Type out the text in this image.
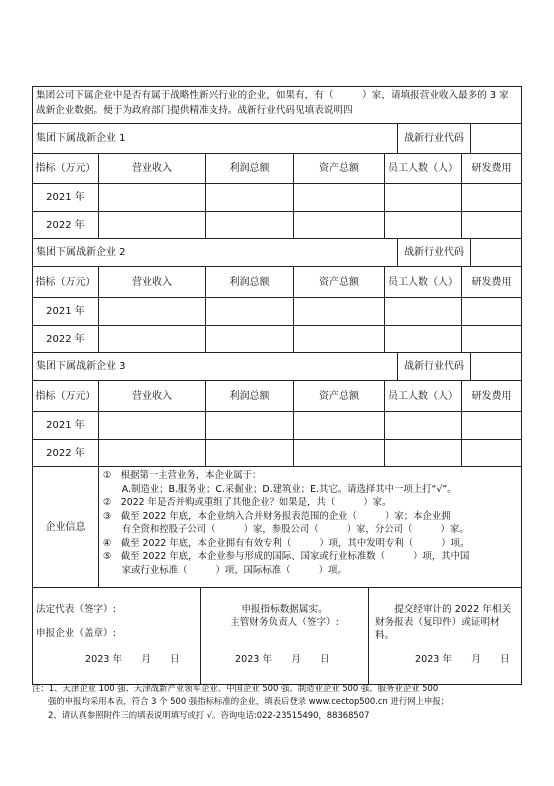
集团公司下属企业中是否有属于战略性新兴行业的企业，如果有，有（　　　）家，请填报营业收入最多的 3 家战新企业数据。便于为政府部门提供精准支持。战新行业代码见填表说明四
集团下属战新企业 1	战新行业代码
指标（万元）	营业收入	利润总额	资产总额	员工人数（人）	研发费用
2021 年
2022 年
集团下属战新企业 2	战新行业代码
指标（万元）	营业收入	利润总额	资产总额	员工人数（人）	研发费用
2021 年
2022 年
集团下属战新企业 3	战新行业代码
指标（万元）	营业收入	利润总额	资产总额	员工人数（人）	研发费用
2021 年
2022 年
企业信息
①　根据第一主营业务，本企业属于：
　　A.制造业；B.服务业；C.采掘业；D.建筑业；E.其它。请选择其中一项上打“√”。
②　2022 年是否并购或重组了其他企业？如果是，共（　　　）家。
③　截至 2022 年底，本企业纳入合并财务报表范围的企业（　　　）家；本企业拥
　　有全资和控股子公司（　　　）家，参股公司（　　　）家，分公司（　　　）家。
④　截至 2022 年底，本企业拥有有效专利（　　　）项，其中发明专利（　　　）项。
⑤　截至 2022 年底，本企业参与形成的国际、国家或行业标准数（　　　）项，其中国
　　家或行业标准（　　　）项、国际标准（　　　）项。
法定代表（签字）:
申报企业（盖章）:
2023 年　　月　　日
申报指标数据属实。
主管财务负责人（签字）:
2023 年　　月　　日
提交经审计的 2022 年相关财务报表（复印件）或证明材料。
2023 年　　月　　日
注：1、天津企业 100 强、天津战新产业领军企业、中国企业 500 强、制造业企业 500 强、服务业企业 500
强的申报均采用本表，符合 3 个 500 强指标标准的企业，填表后登录 www.cectop500.cn 进行网上申报；
2、请认真参照附件三的填表说明填写或打 √。咨询电话:022-23515490，88368507
